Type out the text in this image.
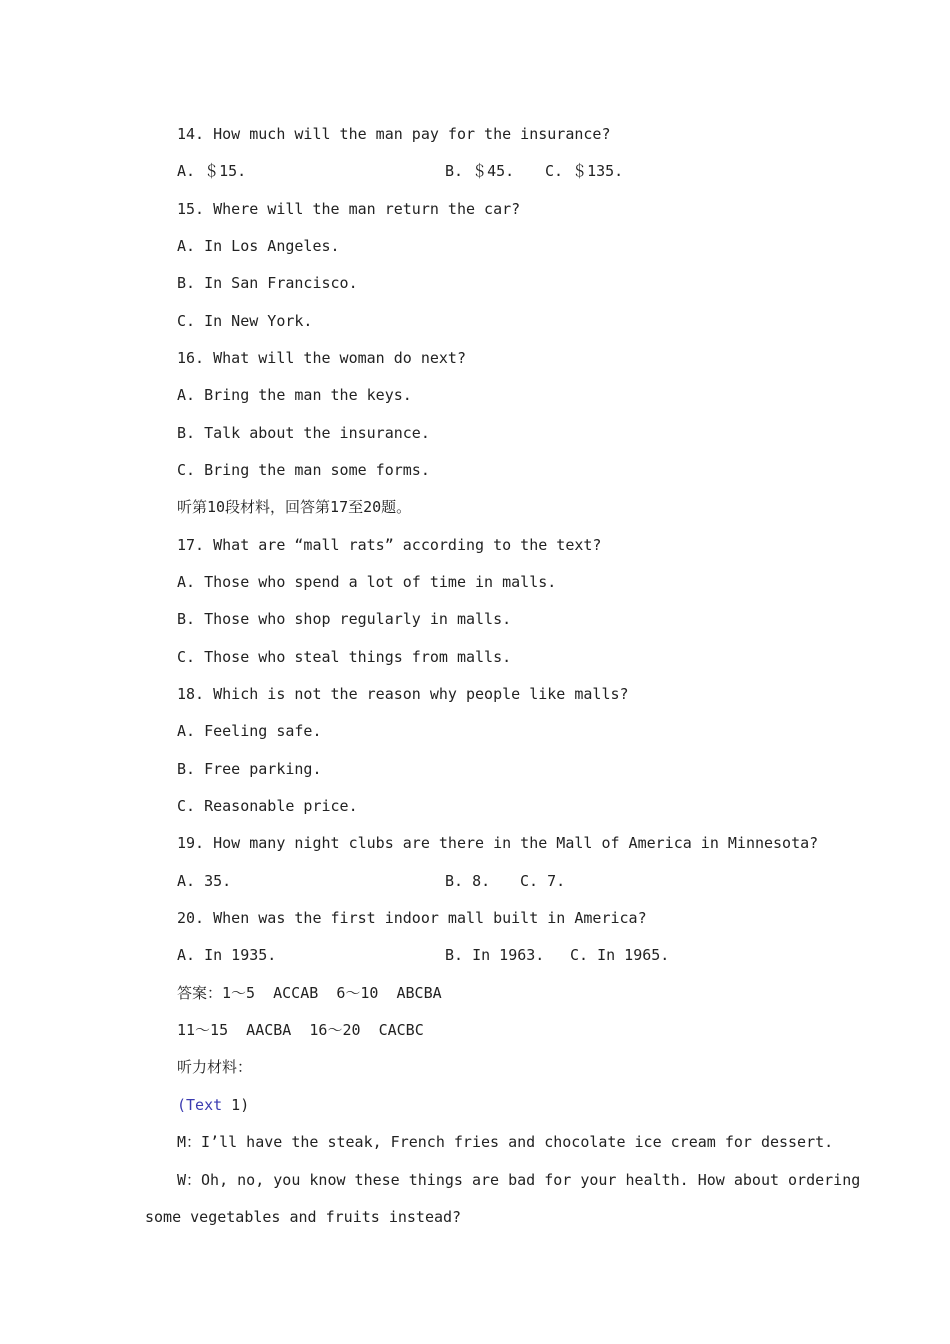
14. How much will the man pay for the insurance?

A. ＄15.

	B. ＄45.

C. ＄135.

15. Where will the man return the car?

A. In Los Angeles.

B. In San Francisco.

C. In New York.

16. What will the woman do next?

A. Bring the man the keys.

B. Talk about the insurance.

C. Bring the man some forms.

听第10段材料，回答第17至20题。

17. What are “mall rats” according to the text?

A. Those who spend a lot of time in malls.

B. Those who shop regularly in malls.

C. Those who steal things from malls.

18. Which is not the reason why people like malls?

A. Feeling safe.

B. Free parking.

C. Reasonable price.

19. How many night clubs are there in the Mall of America in Minnesota?

A. 35.

	B. 8.

C. 7.

20. When was the first indoor mall built in America?

A. In 1935.

	B. In 1963.

C. In 1965.

答案：1～5  ACCAB  6～10  ABCBA

11～15  AACBA  16～20  CACBC

听力材料：

(Text 1)

M：I’ll have the steak, French fries and chocolate ice cream for dessert.

W：Oh, no, you know these things are bad for your health. How about ordering

some vegetables and fruits instead?
